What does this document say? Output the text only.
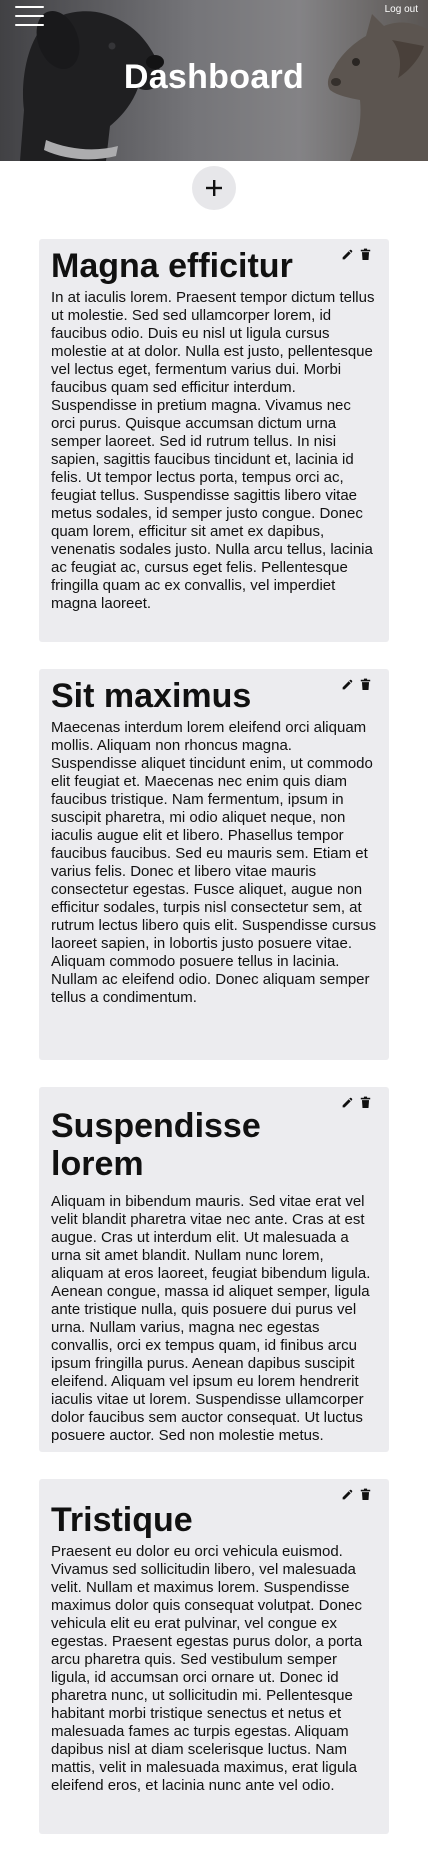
Log out
Dashboard
Magna efficitur

In at iaculis lorem. Praesent tempor dictum tellus ut molestie. Sed sed ullamcorper lorem, id faucibus odio. Duis eu nisl ut ligula cursus molestie at at dolor. Nulla est justo, pellentesque vel lectus eget, fermentum varius dui. Morbi faucibus quam sed efficitur interdum. Suspendisse in pretium magna. Vivamus nec orci purus. Quisque accumsan dictum urna semper laoreet. Sed id rutrum tellus. In nisi sapien, sagittis faucibus tincidunt et, lacinia id felis. Ut tempor lectus porta, tempus orci ac, feugiat tellus. Suspendisse sagittis libero vitae metus sodales, id semper justo congue. Donec quam lorem, efficitur sit amet ex dapibus, venenatis sodales justo. Nulla arcu tellus, lacinia ac feugiat ac, cursus eget felis. Pellentesque fringilla quam ac ex convallis, vel imperdiet magna laoreet.

Sit maximus

Maecenas interdum lorem eleifend orci aliquam mollis. Aliquam non rhoncus magna. Suspendisse aliquet tincidunt enim, ut commodo elit feugiat et. Maecenas nec enim quis diam faucibus tristique. Nam fermentum, ipsum in suscipit pharetra, mi odio aliquet neque, non iaculis augue elit et libero. Phasellus tempor faucibus faucibus. Sed eu mauris sem. Etiam et varius felis. Donec et libero vitae mauris consectetur egestas. Fusce aliquet, augue non efficitur sodales, turpis nisl consectetur sem, at rutrum lectus libero quis elit. Suspendisse cursus laoreet sapien, in lobortis justo posuere vitae. Aliquam commodo posuere tellus in lacinia. Nullam ac eleifend odio. Donec aliquam semper tellus a condimentum.

Suspendisse lorem

Aliquam in bibendum mauris. Sed vitae erat vel velit blandit pharetra vitae nec ante. Cras at est augue. Cras ut interdum elit. Ut malesuada a urna sit amet blandit. Nullam nunc lorem, aliquam at eros laoreet, feugiat bibendum ligula. Aenean congue, massa id aliquet semper, ligula ante tristique nulla, quis posuere dui purus vel urna. Nullam varius, magna nec egestas convallis, orci ex tempus quam, id finibus arcu ipsum fringilla purus. Aenean dapibus suscipit eleifend. Aliquam vel ipsum eu lorem hendrerit iaculis vitae ut lorem. Suspendisse ullamcorper dolor faucibus sem auctor consequat. Ut luctus posuere auctor. Sed non molestie metus.

Tristique

Praesent eu dolor eu orci vehicula euismod. Vivamus sed sollicitudin libero, vel malesuada velit. Nullam et maximus lorem. Suspendisse maximus dolor quis consequat volutpat. Donec vehicula elit eu erat pulvinar, vel congue ex egestas. Praesent egestas purus dolor, a porta arcu pharetra quis. Sed vestibulum semper ligula, id accumsan orci ornare ut. Donec id pharetra nunc, ut sollicitudin mi. Pellentesque habitant morbi tristique senectus et netus et malesuada fames ac turpis egestas. Aliquam dapibus nisl at diam scelerisque luctus. Nam mattis, velit in malesuada maximus, erat ligula eleifend eros, et lacinia nunc ante vel odio.
